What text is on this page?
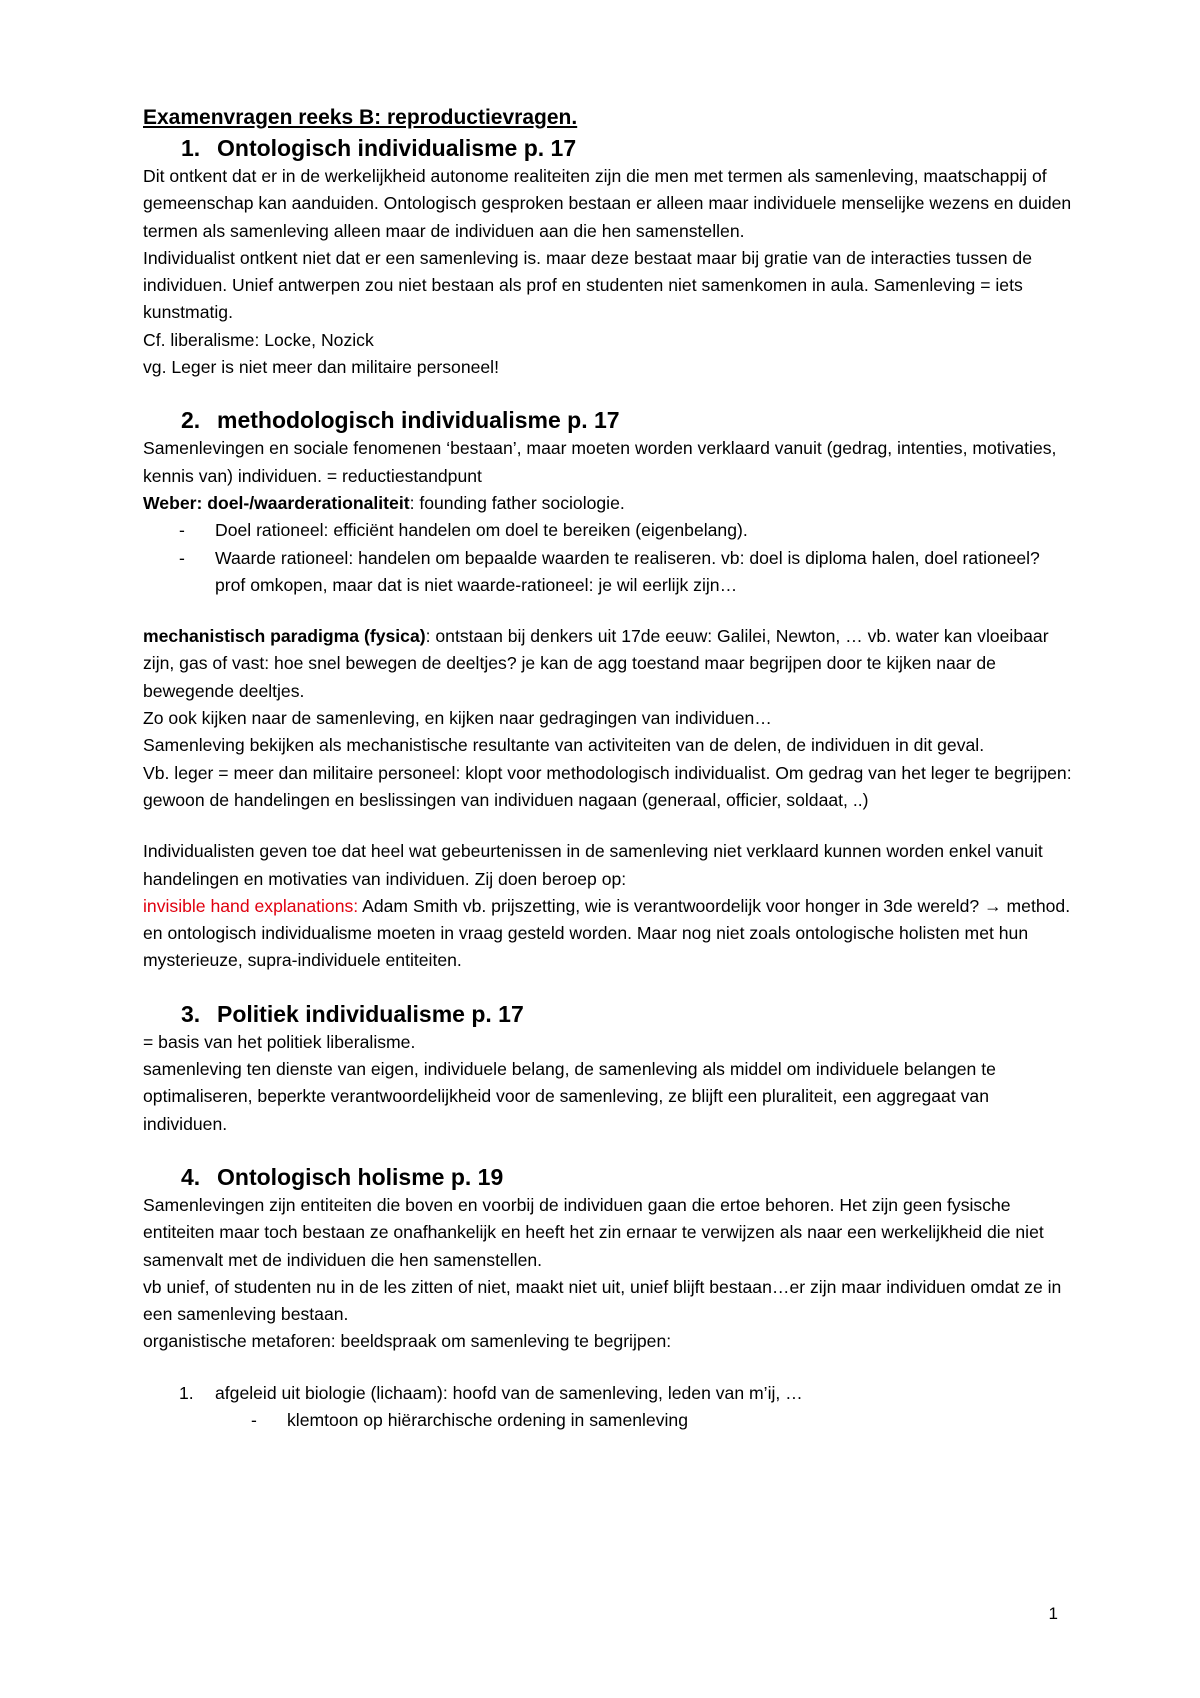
Examenvragen reeks B: reproductievragen.

1. Ontologisch individualisme p. 17

Dit ontkent dat er in de werkelijkheid autonome realiteiten zijn die men met termen als samenleving, maatschappij of gemeenschap kan aanduiden. Ontologisch gesproken bestaan er alleen maar individuele menselijke wezens en duiden termen als samenleving alleen maar de individuen aan die hen samenstellen.

Individualist ontkent niet dat er een samenleving is. maar deze bestaat maar bij gratie van de interacties tussen de individuen. Unief antwerpen zou niet bestaan als prof en studenten niet samenkomen in aula. Samenleving = iets kunstmatig.

Cf. liberalisme: Locke, Nozick

vg. Leger is niet meer dan militaire personeel!

2. methodologisch individualisme p. 17

Samenlevingen en sociale fenomenen ‘bestaan’, maar moeten worden verklaard vanuit (gedrag, intenties, motivaties, kennis van) individuen. = reductiestandpunt

Weber: doel-/waarderationaliteit: founding father sociologie.

-	Doel rationeel: efficiënt handelen om doel te bereiken (eigenbelang).
-	Waarde rationeel: handelen om bepaalde waarden te realiseren. vb: doel is diploma halen, doel rationeel? prof omkopen, maar dat is niet waarde-rationeel: je wil eerlijk zijn…

mechanistisch paradigma (fysica): ontstaan bij denkers uit 17de eeuw: Galilei, Newton, … vb. water kan vloeibaar zijn, gas of vast: hoe snel bewegen de deeltjes? je kan de agg toestand maar begrijpen door te kijken naar de bewegende deeltjes.

Zo ook kijken naar de samenleving, en kijken naar gedragingen van individuen…

Samenleving bekijken als mechanistische resultante van activiteiten van de delen, de individuen in dit geval.

Vb. leger = meer dan militaire personeel: klopt voor methodologisch individualist. Om gedrag van het leger te begrijpen: gewoon de handelingen en beslissingen van individuen nagaan (generaal, officier, soldaat, ..)

Individualisten geven toe dat heel wat gebeurtenissen in de samenleving niet verklaard kunnen worden enkel vanuit handelingen en motivaties van individuen. Zij doen beroep op:

invisible hand explanations: Adam Smith vb. prijszetting, wie is verantwoordelijk voor honger in 3de wereld? → method. en ontologisch individualisme moeten in vraag gesteld worden. Maar nog niet zoals ontologische holisten met hun mysterieuze, supra-individuele entiteiten.

3. Politiek individualisme p. 17

= basis van het politiek liberalisme.

samenleving ten dienste van eigen, individuele belang, de samenleving als middel om individuele belangen te optimaliseren, beperkte verantwoordelijkheid voor de samenleving, ze blijft een pluraliteit, een aggregaat van individuen.

4. Ontologisch holisme p. 19

Samenlevingen zijn entiteiten die boven en voorbij de individuen gaan die ertoe behoren. Het zijn geen fysische entiteiten maar toch bestaan ze onafhankelijk en heeft het zin ernaar te verwijzen als naar een werkelijkheid die niet samenvalt met de individuen die hen samenstellen.

vb unief, of studenten nu in de les zitten of niet, maakt niet uit, unief blijft bestaan…er zijn maar individuen omdat ze in een samenleving bestaan.

organistische metaforen: beeldspraak om samenleving te begrijpen:

1.	afgeleid uit biologie (lichaam): hoofd van de samenleving, leden van m’ij, …
-	klemtoon op hiërarchische ordening in samenleving
1
